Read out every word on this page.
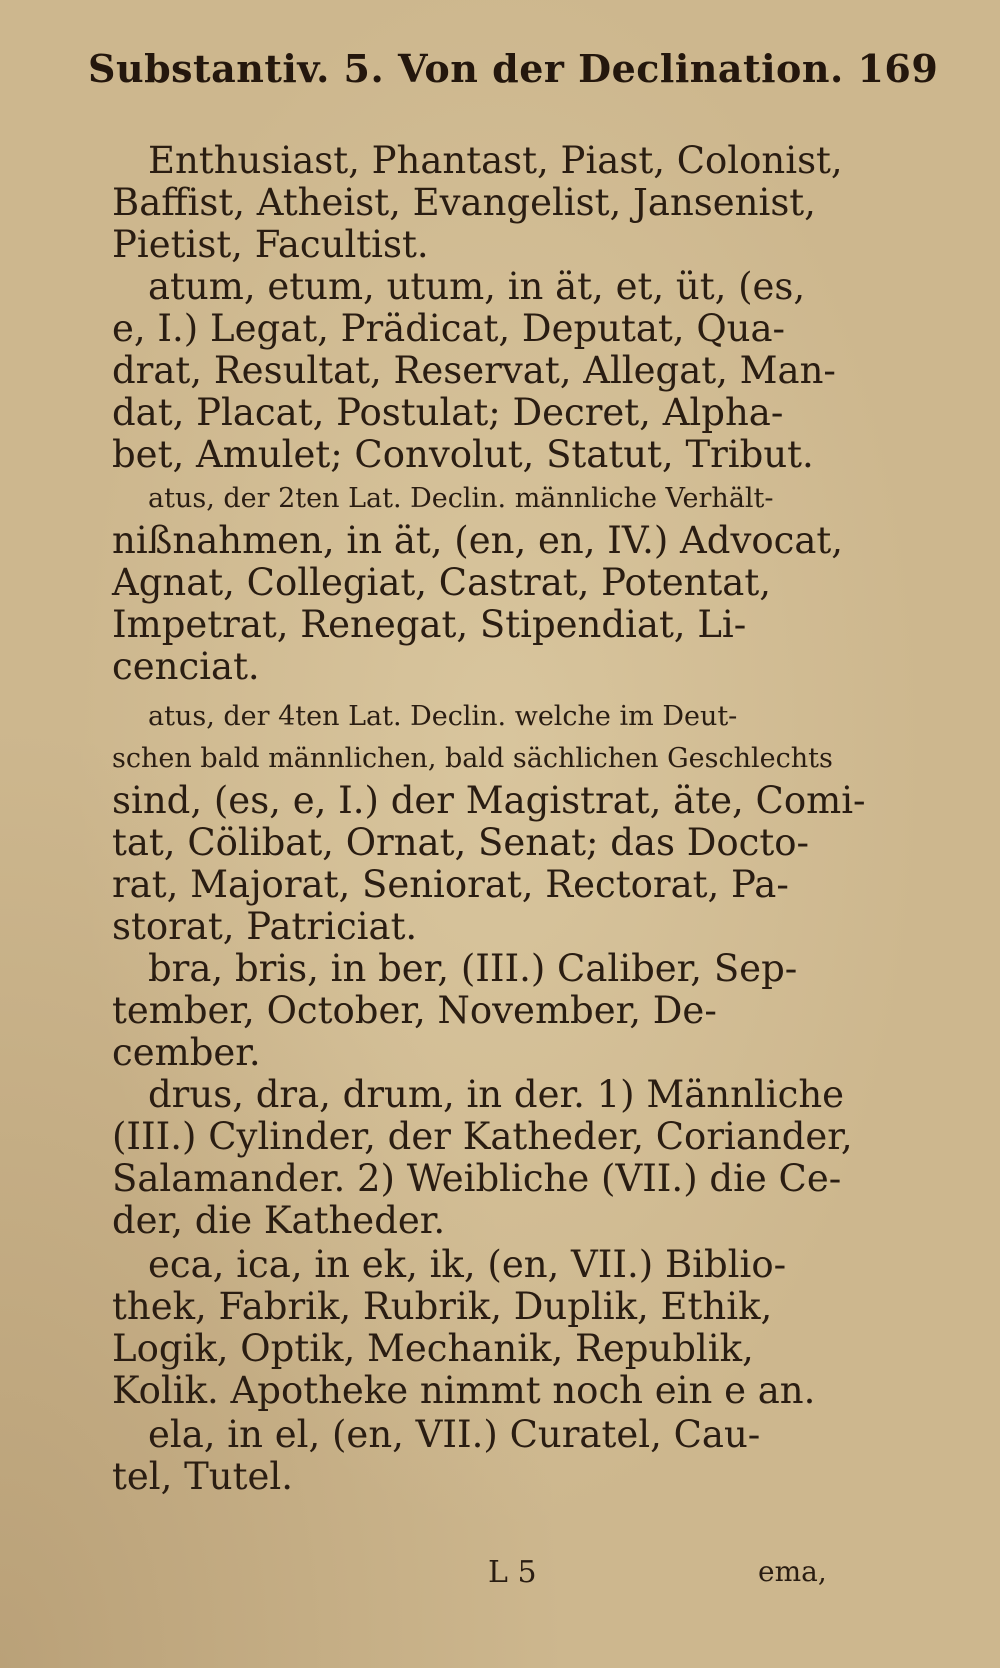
Substantiv. 5. Von der Declination. 169
Enthusiast, Phantast, Piast, Colonist,
Baffist, Atheist, Evangelist, Jansenist,
Pietist, Facultist.
atum, etum, utum, in ät, et, üt, (es,
e, I.) Legat, Prädicat, Deputat, Qua-
drat, Resultat, Reservat, Allegat, Man-
dat, Placat, Postulat; Decret, Alpha-
bet, Amulet; Convolut, Statut, Tribut.
atus, der 2ten Lat. Declin. männliche Verhält-
nißnahmen, in ät, (en, en, IV.) Advocat,
Agnat, Collegiat, Castrat, Potentat,
Impetrat, Renegat, Stipendiat, Li-
cenciat.
atus, der 4ten Lat. Declin. welche im Deut-
schen bald männlichen, bald sächlichen Geschlechts
sind, (es, e, I.) der Magistrat, äte, Comi-
tat, Cölibat, Ornat, Senat; das Docto-
rat, Majorat, Seniorat, Rectorat, Pa-
storat, Patriciat.
bra, bris, in ber, (III.) Caliber, Sep-
tember, October, November, De-
cember.
drus, dra, drum, in der. 1) Männliche
(III.) Cylinder, der Katheder, Coriander,
Salamander. 2) Weibliche (VII.) die Ce-
der, die Katheder.
eca, ica, in ek, ik, (en, VII.) Biblio-
thek, Fabrik, Rubrik, Duplik, Ethik,
Logik, Optik, Mechanik, Republik,
Kolik. Apotheke nimmt noch ein e an.
ela, in el, (en, VII.) Curatel, Cau-
tel, Tutel.
L 5	ema,
